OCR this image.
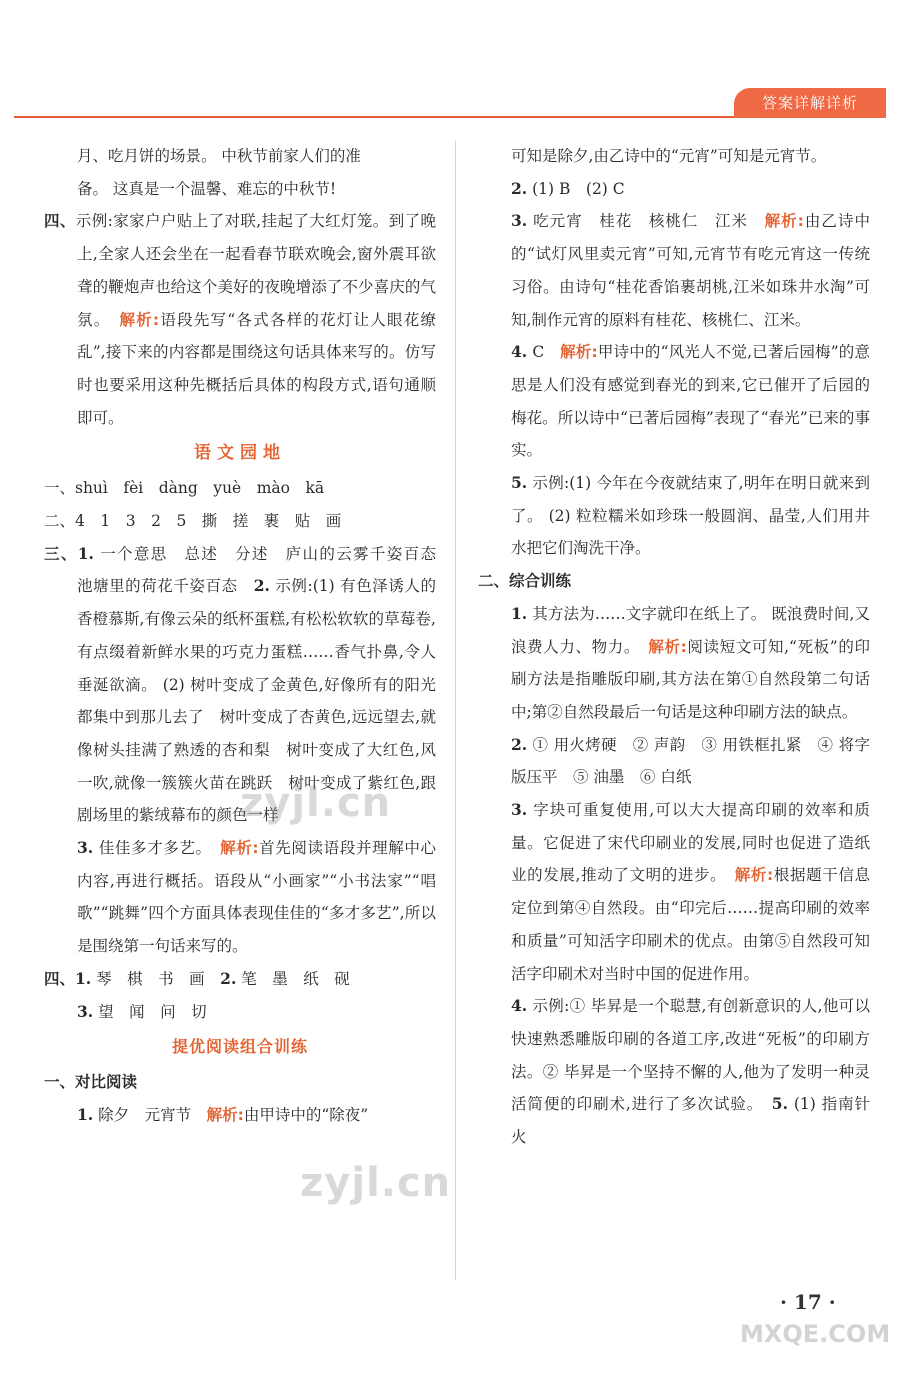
答案详解详析

月、吃月饼的场景。 中秋节前家人们的准

备。 这真是一个温馨、难忘的中秋节!

四、示例:家家户户贴上了对联,挂起了大红灯笼。到了晚上,全家人还会坐在一起看春节联欢晚会,窗外震耳欲聋的鞭炮声也给这个美好的夜晚增添了不少喜庆的气氛。　 解析:语段先写“各式各样的花灯让人眼花缭乱”,接下来的内容都是围绕这句话具体来写的。仿写时也要采用这种先概括后具体的构段方式,语句通顺即可。

语文园地

一、shuì　fèi　dàng　yuè　mào　kā

二、4　1　3　2　5　撕　搓　裹　贴　画

三、1. 一个意思　总述　分述　庐山的云雾千姿百态　池塘里的荷花千姿百态　 2. 示例:(1) 有色泽诱人的香橙慕斯,有像云朵的纸杯蛋糕,有松松软软的草莓卷,有点缀着新鲜水果的巧克力蛋糕……香气扑鼻,令人垂涎欲滴。 (2) 树叶变成了金黄色,好像所有的阳光都集中到那儿去了　树叶变成了杏黄色,远远望去,就像树头挂满了熟透的杏和梨　树叶变成了大红色,风一吹,就像一簇簇火苗在跳跃　树叶变成了紫红色,跟剧场里的紫绒幕布的颜色一样

3. 佳佳多才多艺。　 解析:首先阅读语段并理解中心内容,再进行概括。语段从“小画家”“小书法家”“唱歌”“跳舞”四个方面具体表现佳佳的“多才多艺”,所以是围绕第一句话来写的。

四、1. 琴　棋　书　画　 2. 笔　墨　纸　砚

3. 望　闻　问　切

提优阅读组合训练

一、对比阅读

1. 除夕　元宵节　 解析:由甲诗中的“除夜”

可知是除夕,由乙诗中的“元宵”可知是元宵节。

2. (1) B　(2) C

3. 吃元宵　桂花　核桃仁　江米　 解析:由乙诗中的“试灯风里卖元宵”可知,元宵节有吃元宵这一传统习俗。由诗句“桂花香馅裹胡桃,江米如珠井水淘”可知,制作元宵的原料有桂花、核桃仁、江米。

4. C　 解析:甲诗中的“风光人不觉,已著后园梅”的意思是人们没有感觉到春光的到来,它已催开了后园的梅花。所以诗中“已著后园梅”表现了“春光”已来的事实。

5. 示例:(1) 今年在今夜就结束了,明年在明日就来到了。 (2) 粒粒糯米如珍珠一般圆润、晶莹,人们用井水把它们淘洗干净。

二、综合训练

1. 其方法为……文字就印在纸上了。 既浪费时间,又浪费人力、物力。　 解析:阅读短文可知,“死板”的印刷方法是指雕版印刷,其方法在第①自然段第二句话中;第②自然段最后一句话是这种印刷方法的缺点。

2. ① 用火烤硬　② 声韵　③ 用铁框扎紧　④ 将字版压平　⑤ 油墨　⑥ 白纸

3. 字块可重复使用,可以大大提高印刷的效率和质量。它促进了宋代印刷业的发展,同时也促进了造纸业的发展,推动了文明的进步。　 解析:根据题干信息定位到第④自然段。由“印完后……提高印刷的效率和质量”可知活字印刷术的优点。由第⑤自然段可知活字印刷术对当时中国的促进作用。

4. 示例:① 毕昇是一个聪慧,有创新意识的人,他可以快速熟悉雕版印刷的各道工序,改进“死板”的印刷方法。② 毕昇是一个坚持不懈的人,他为了发明一种灵活简便的印刷术,进行了多次试验。　 5. (1) 指南针　火

· 17 ·
zyjl.cn
zyjl.cn
MXQE.COM
